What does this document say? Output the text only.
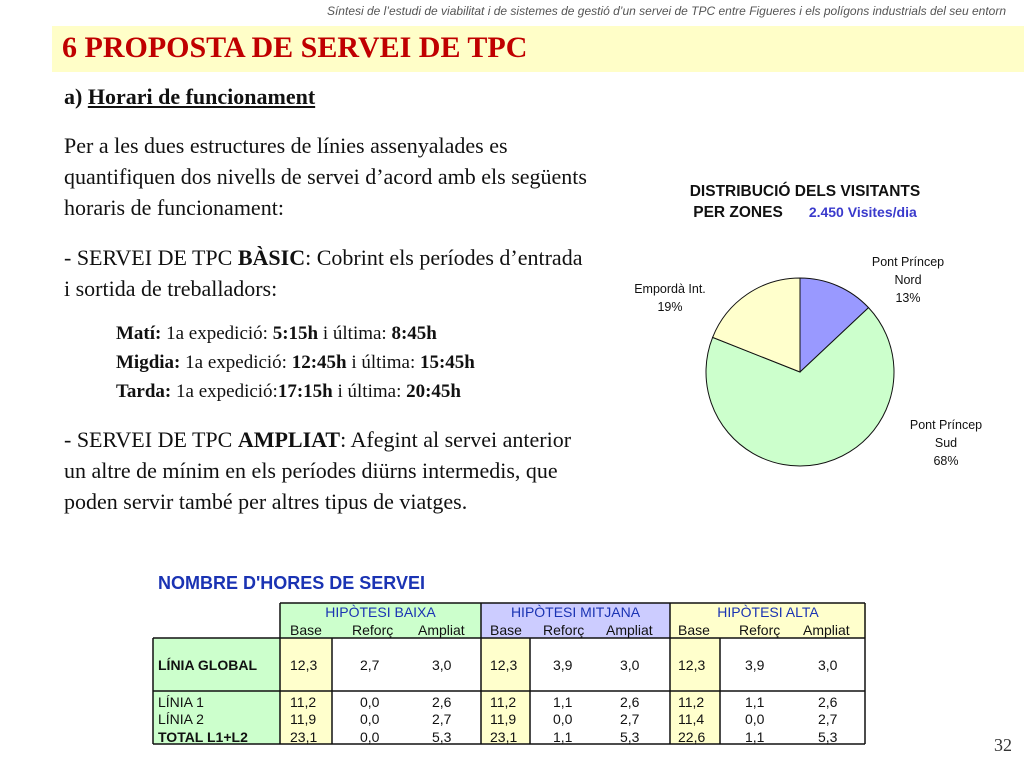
Síntesi de l’estudi de viabilitat i de sistemes de gestió d’un servei de TPC entre Figueres i els polígons industrials del seu entorn
6 PROPOSTA DE SERVEI DE TPC
a) Horari de funcionament

Per a les dues estructures de línies assenyalades es quantifiquen dos nivells de servei d’acord amb els següents horaris de funcionament:

- SERVEI DE TPC BÀSIC: Cobrint els períodes d’entrada i sortida de treballadors:

Matí: 1a expedició: 5:15h i última: 8:45h
Migdia: 1a expedició: 12:45h i última: 15:45h
Tarda: 1a expedició:17:15h i última: 20:45h

- SERVEI DE TPC AMPLIAT: Afegint al servei anterior un altre de mínim en els períodes diürns intermedis, que poden servir també per altres tipus de viatges.

DISTRIBUCIÓ DELS VISITANTS
PER ZONES 2.450 Visites/dia
Pont Príncep
Nord
13%
Pont Príncep
Sud
68%
Empordà Int.
19%
NOMBRE D'HORES DE SERVEI
HIPÒTESI BAIXA	HIPÒTESI MITJANA	HIPÒTESI ALTA
Base Reforç Ampliat Base Reforç Ampliat Base Reforç Ampliat
LÍNIA GLOBAL 12,3	2,7	3,0	12,3	3,9	3,0	12,3	3,9	3,0
LÍNIA 1	11,2	0,0	2,6	11,2	1,1	2,6	11,2	1,1	2,6
LÍNIA 2	11,9	0,0	2,7	11,9	0,0	2,7	11,4	0,0	2,7
TOTAL L1+L2	23,1	0,0	5,3	23,1	1,1	5,3	22,6	1,1	5,3	32
